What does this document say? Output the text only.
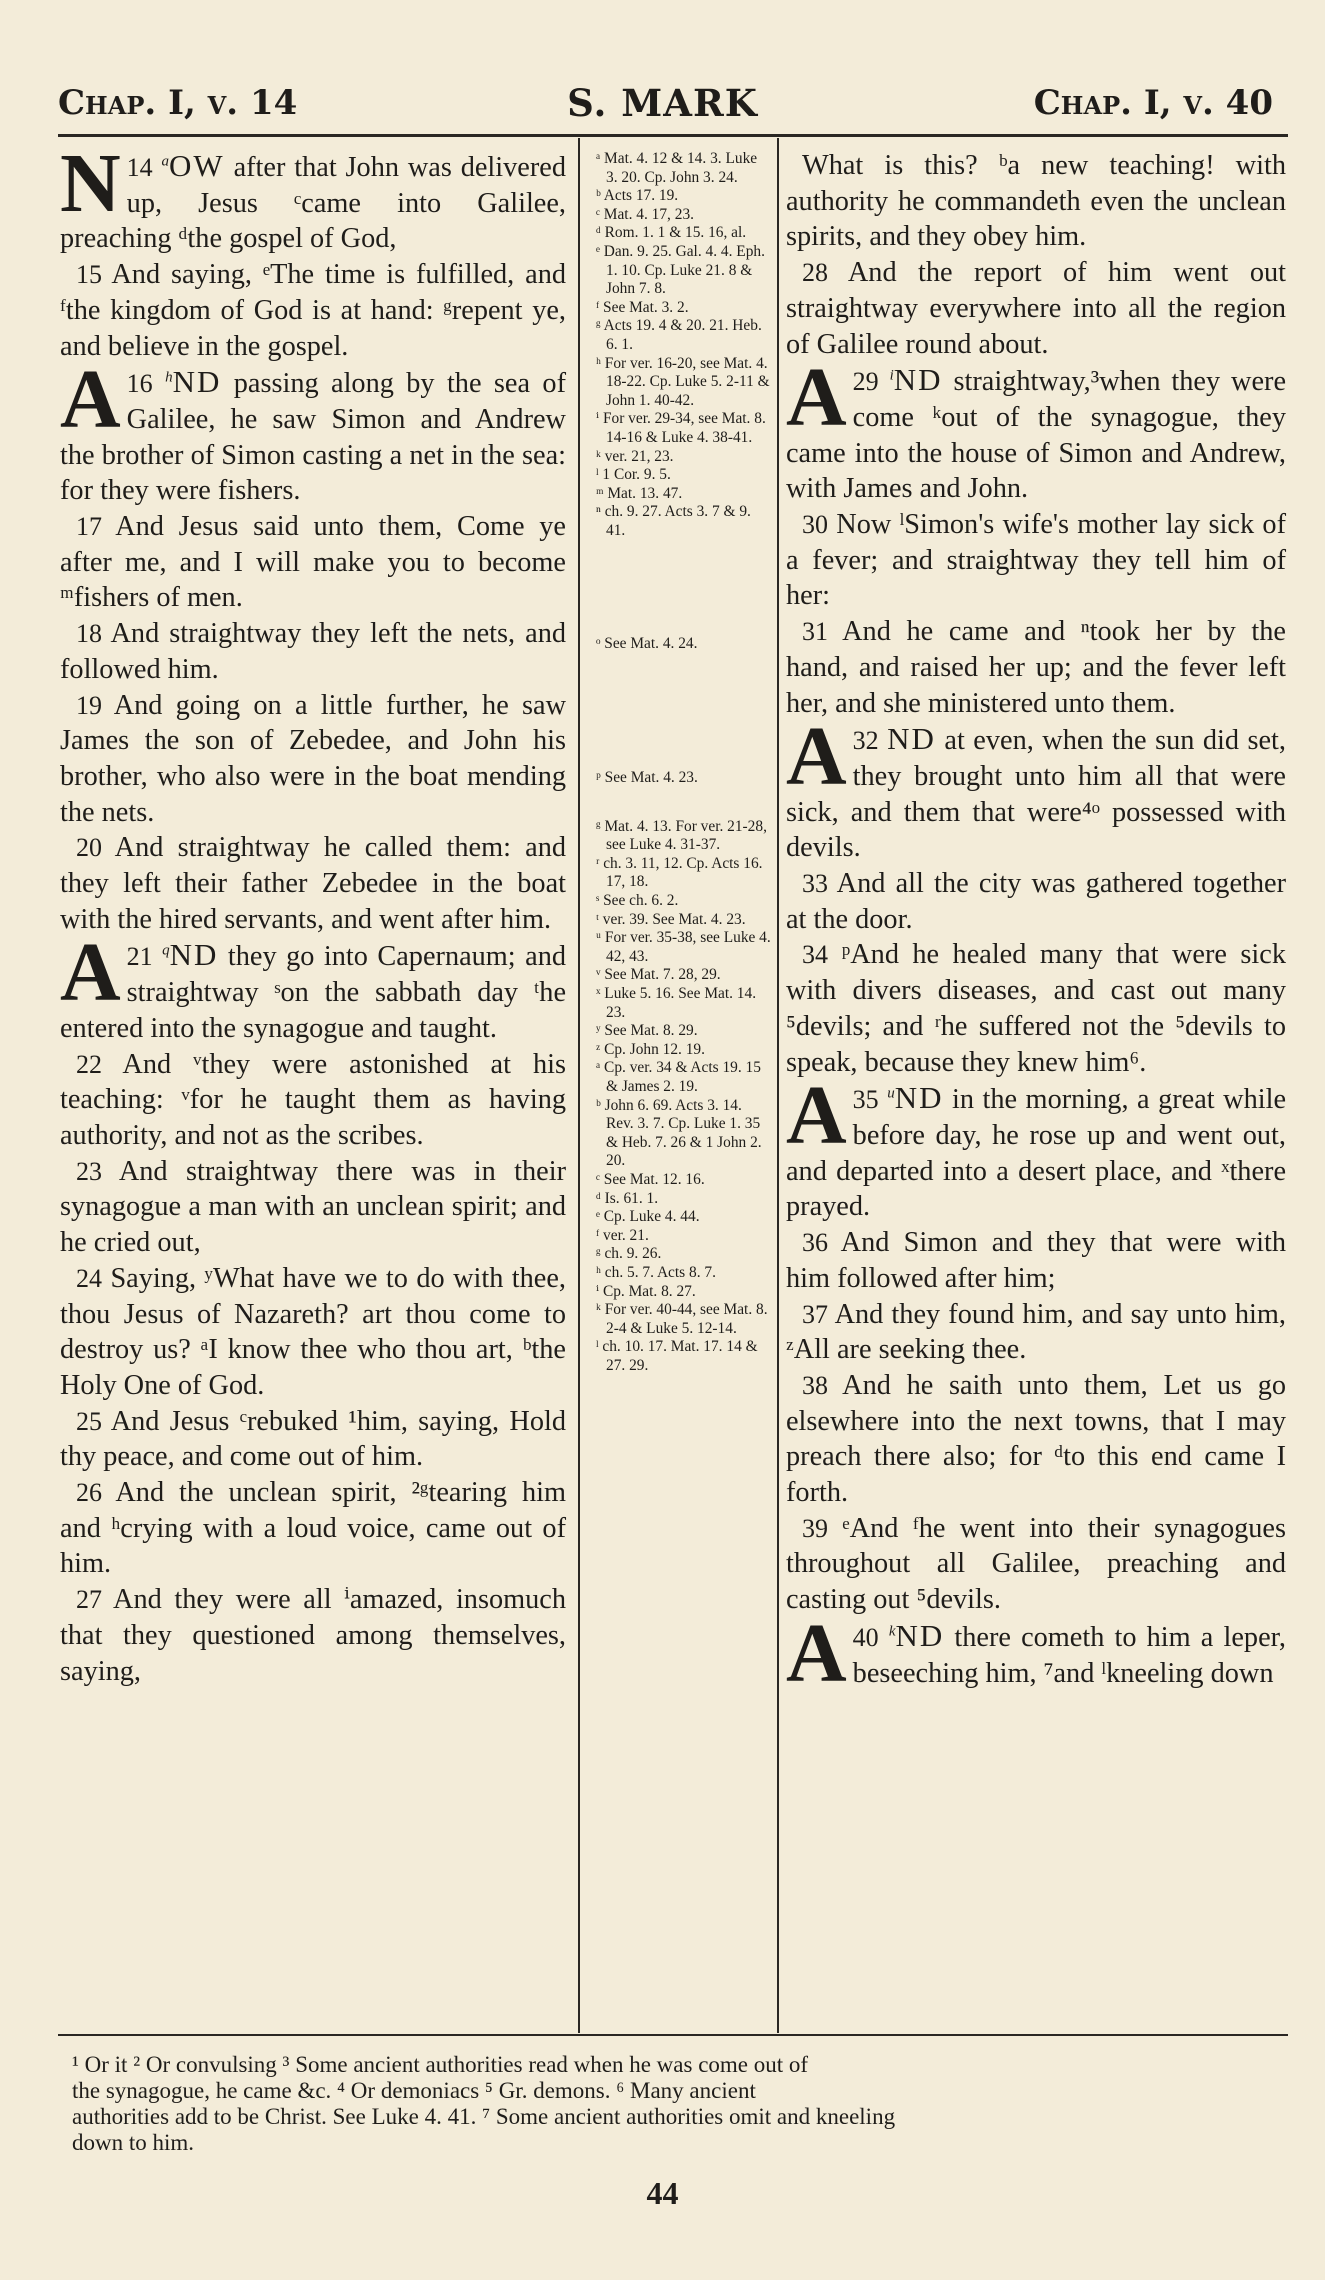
Chap. I, v. 14	S. MARK	Chap. I, v. 40

14 $^a$
N OW after that John was delivered up, Jesus ᶜcame into Galilee, preaching ᵈthe gospel of God,

15 And saying, ᵉThe time is fulfilled, and ᶠthe kingdom of God is at hand: ᵍrepent ye, and believe in the gospel.

16 $^h$
A ND passing along by the sea of Galilee, he saw Simon and Andrew the brother of Simon casting a net in the sea: for they were fishers.

17 And Jesus said unto them, Come ye after me, and I will make you to become ᵐfishers of men.

18 And straightway they left the nets, and followed him.

19 And going on a little further, he saw James the son of Zebedee, and John his brother, who also were in the boat mending the nets.

20 And straightway he called them: and they left their father Zebedee in the boat with the hired servants, and went after him.

21 $^q$
A ND they go into Capernaum; and straightway ˢon the sabbath day ᵗhe entered into the synagogue and taught.

22 And ᵛthey were astonished at his teaching: ᵛfor he taught them as having authority, and not as the scribes.

23 And straightway there was in their synagogue a man with an unclean spirit; and he cried out,

24 Saying, ʸWhat have we to do with thee, thou Jesus of Nazareth? art thou come to destroy us? ᵃI know thee who thou art, ᵇthe Holy One of God.

25 And Jesus ᶜrebuked ¹him, saying, Hold thy peace, and come out of him.

26 And the unclean spirit, ²ᵍtearing him and ʰcrying with a loud voice, came out of him.

27 And they were all ⁱamazed, insomuch that they questioned among themselves, saying,

ᵃ Mat. 4. 12 & 14. 3. Luke 3. 20. Cp. John 3. 24.

ᵇ Acts 17. 19.

ᶜ Mat. 4. 17, 23.

ᵈ Rom. 1. 1 & 15. 16, al.

ᵉ Dan. 9. 25. Gal. 4. 4. Eph. 1. 10. Cp. Luke 21. 8 & John 7. 8.

ᶠ See Mat. 3. 2.

ᵍ Acts 19. 4 & 20. 21. Heb. 6. 1.

ʰ For ver. 16-20, see Mat. 4. 18-22. Cp. Luke 5. 2-11 & John 1. 40-42.

ⁱ For ver. 29-34, see Mat. 8. 14-16 & Luke 4. 38-41.

ᵏ ver. 21, 23.

ˡ 1 Cor. 9. 5.

ᵐ Mat. 13. 47.

ⁿ ch. 9. 27. Acts 3. 7 & 9. 41.

ᵒ See Mat. 4. 24.

ᵖ See Mat. 4. 23.

ᵍ Mat. 4. 13. For ver. 21-28, see Luke 4. 31-37.

ʳ ch. 3. 11, 12. Cp. Acts 16. 17, 18.

ˢ See ch. 6. 2.

ᵗ ver. 39. See Mat. 4. 23.

ᵘ For ver. 35-38, see Luke 4. 42, 43.

ᵛ See Mat. 7. 28, 29.

ˣ Luke 5. 16. See Mat. 14. 23.

ʸ See Mat. 8. 29.

ᶻ Cp. John 12. 19.

ᵃ Cp. ver. 34 & Acts 19. 15 & James 2. 19.

ᵇ John 6. 69. Acts 3. 14. Rev. 3. 7. Cp. Luke 1. 35 & Heb. 7. 26 & 1 John 2. 20.

ᶜ See Mat. 12. 16.

ᵈ Is. 61. 1.

ᵉ Cp. Luke 4. 44.

ᶠ ver. 21.

ᵍ ch. 9. 26.

ʰ ch. 5. 7. Acts 8. 7.

ⁱ Cp. Mat. 8. 27.

ᵏ For ver. 40-44, see Mat. 8. 2-4 & Luke 5. 12-14.

ˡ ch. 10. 17. Mat. 17. 14 & 27. 29.

What is this? ᵇa new teaching! with authority he commandeth even the unclean spirits, and they obey him.

28 And the report of him went out straightway everywhere into all the region of Galilee round about.

29 $^i$
A ND straightway,³when they were come ᵏout of the synagogue, they came into the house of Simon and Andrew, with James and John.

30 Now ˡSimon's wife's mother lay sick of a fever; and straightway they tell him of her:

31 And he came and ⁿtook her by the hand, and raised her up; and the fever left her, and she ministered unto them.

32
A ND at even, when the sun did set, they brought unto him all that were sick, and them that were⁴ᵒ possessed with devils.

33 And all the city was gathered together at the door.

34 ᵖAnd he healed many that were sick with divers diseases, and cast out many ⁵devils; and ʳhe suffered not the ⁵devils to speak, because they knew him⁶.

35 $^u$
A ND in the morning, a great while before day, he rose up and went out, and departed into a desert place, and ˣthere prayed.

36 And Simon and they that were with him followed after him;

37 And they found him, and say unto him, ᶻAll are seeking thee.

38 And he saith unto them, Let us go elsewhere into the next towns, that I may preach there also; for ᵈto this end came I forth.

39 ᵉAnd ᶠhe went into their synagogues throughout all Galilee, preaching and casting out ⁵devils.

40 $^k$
A ND there cometh to him a leper, beseeching him, ⁷and ˡkneeling down

¹ Or it ² Or convulsing ³ Some ancient authorities read when he was come out of
the synagogue, he came &c. ⁴ Or demoniacs ⁵ Gr. demons. ⁶ Many ancient
authorities add to be Christ. See Luke 4. 41. ⁷ Some ancient authorities omit and kneeling
down to him.
44
